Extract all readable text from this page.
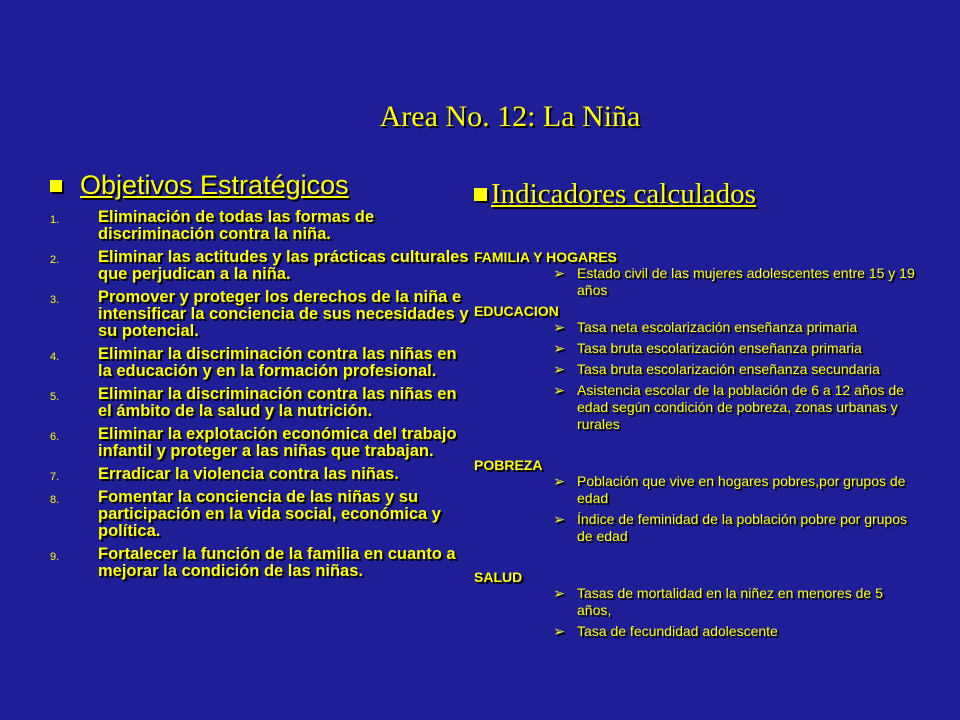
Area No. 12: La Niña
Objetivos Estratégicos
1.	Eliminación de todas las formas de discriminación contra la niña.
2.	Eliminar las actitudes y las prácticas culturales que perjudican a la niña.
3.	Promover y proteger los derechos de la niña e intensificar la conciencia de sus necesidades y su potencial.
4.	Eliminar la discriminación contra las niñas en la educación y en la formación profesional.
5.	Eliminar la discriminación contra las niñas en el ámbito de la salud y la nutrición.
6.	Eliminar la explotación económica del trabajo infantil y proteger a las niñas que trabajan.
7.	Erradicar la violencia contra las niñas.
8.	Fomentar la conciencia de las niñas y su participación en la vida social, económica y política.
9.	Fortalecer la función de la familia en cuanto a mejorar la condición de las niñas.
Indicadores calculados
FAMILIA Y HOGARES
➢ Estado civil de las mujeres adolescentes entre 15 y 19 años
EDUCACION
➢ Tasa neta escolarización enseñanza primaria
➢ Tasa bruta escolarización enseñanza primaria
➢ Tasa bruta escolarización enseñanza secundaria
➢ Asistencia escolar de la población de 6 a 12 años de edad según condición de pobreza, zonas urbanas y rurales
POBREZA
➢ Población que vive en hogares pobres,por grupos de edad
➢ Índice de feminidad de la población pobre por grupos de edad
SALUD
➢ Tasas de mortalidad en la niñez en menores de 5 años,
➢ Tasa de fecundidad adolescente
